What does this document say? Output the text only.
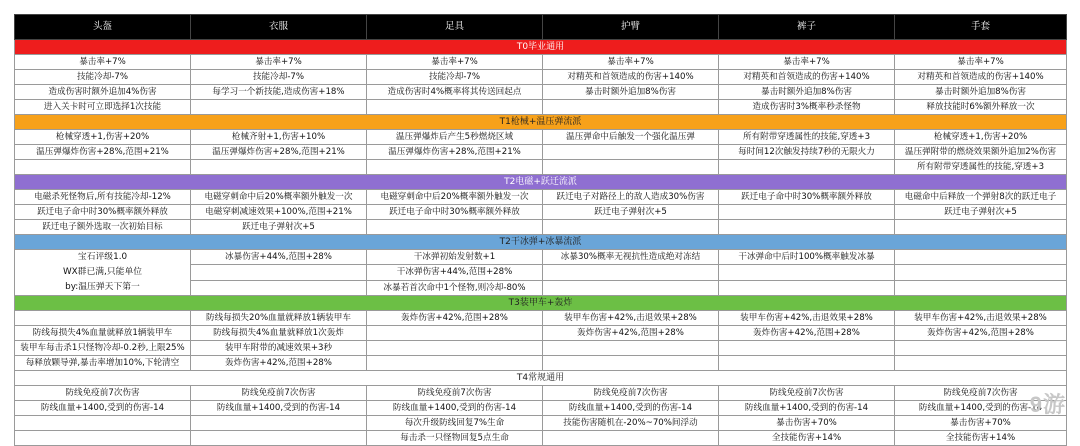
头盔	衣服	足具	护臂	裤子	手套
T0毕业通用					
暴击率+7%	暴击率+7%	暴击率+7%	暴击率+7%	暴击率+7%	暴击率+7%
技能冷却-7%	技能冷却-7%	技能冷却-7%	对精英和首领造成的伤害+140%	对精英和首领造成的伤害+140%	对精英和首领造成的伤害+140%
造成伤害时额外追加4%伤害	每学习一个新技能,造成伤害+18%	造成伤害时4%概率将其传送回起点	暴击时额外追加8%伤害	暴击时额外追加8%伤害	暴击时额外追加8%伤害
进入关卡时可立即选择1次技能				造成伤害时3%概率秒杀怪物	释放技能时6%额外释放一次
T1枪械+温压弹流派					
枪械穿透+1,伤害+20%	枪械齐射+1,伤害+10%	温压弹爆炸后产生5秒燃烧区域	温压弹命中后触发一个强化温压弹	所有附带穿透属性的技能,穿透+3	枪械穿透+1,伤害+20%
温压弹爆炸伤害+28%,范围+21%	温压弹爆炸伤害+28%,范围+21%	温压弹爆炸伤害+28%,范围+21%		每时间12次触发持续7秒的无限火力	温压弹附带的燃烧效果额外追加2%伤害
					所有附带穿透属性的技能,穿透+3
T2电磁+跃迁流派					
电磁杀死怪物后,所有技能冷却-12%	电磁穿刺命中后20%概率额外触发一次	电磁穿刺命中后20%概率额外触发一次	跃迁电子对路径上的敌人造成30%伤害	跃迁电子命中时30%概率额外释放	电磁命中后释放一个弹射8次的跃迁电子
跃迁电子命中时30%概率额外释放	电磁穿刺减速效果+100%,范围+21%	跃迁电子命中时30%概率额外释放	跃迁电子弹射次+5		跃迁电子弹射次+5
跃迁电子额外选取一次初始目标	跃迁电子弹射次+5				
T2干冰弹+冰暴流派					

宝石评级1.0
WX群已满,只能单位
by:温压弹天下第一	冰暴伤害+44%,范围+28%	干冰弹初始发射数+1	冰暴30%概率无视抗性造成绝对冻结	干冰弹命中后时100%概率触发冰暴	
		干冰弹伤害+44%,范围+28%			
		冰暴若首次命中1个怪物,则冷却-80%			
T3装甲车+轰炸					
	防线每损失20%血量就释放1辆装甲车	轰炸伤害+42%,范围+28%	装甲车伤害+42%,击退效果+28%	装甲车伤害+42%,击退效果+28%	装甲车伤害+42%,击退效果+28%
防线每损失4%血量就释放1辆装甲车	防线每损失4%血量就释放1次轰炸		轰炸伤害+42%,范围+28%	轰炸伤害+42%,范围+28%	轰炸伤害+42%,范围+28%
装甲车每击杀1只怪物冷却-0.2秒,上限25%	装甲车附带的减速效果+3秒				
每释放颗导弹,暴击率增加10%,下轮清空	轰炸伤害+42%,范围+28%				
T4常规通用					
防线免疫前7次伤害	防线免疫前7次伤害	防线免疫前7次伤害	防线免疫前7次伤害	防线免疫前7次伤害	防线免疫前7次伤害
防线血量+1400,受到的伤害-14	防线血量+1400,受到的伤害-14	防线血量+1400,受到的伤害-14	防线血量+1400,受到的伤害-14	防线血量+1400,受到的伤害-14	防线血量+1400,受到的伤害-14
		每次升级防线回复7%生命	技能伤害随机在-20%~70%间浮动	暴击伤害+70%	暴击伤害+70%
		每击杀一只怪物回复5点生命		全技能伤害+14%	全技能伤害+14% 9游
